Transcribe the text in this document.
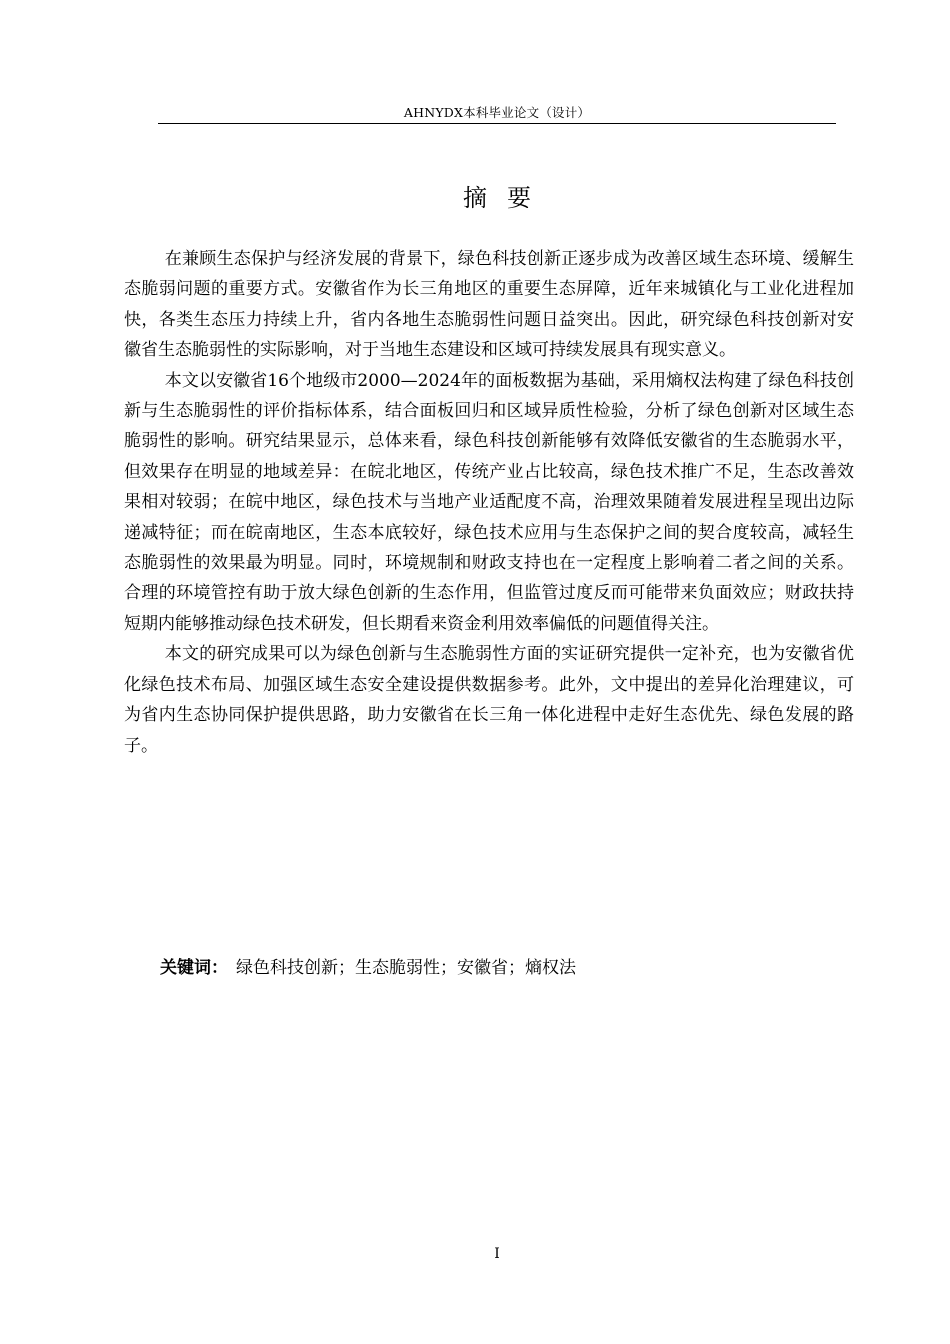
AHNYDX本科毕业论文（设计）
摘要

在兼顾生态保护与经济发展的背景下，绿色科技创新正逐步成为改善区域生态环境、缓解生态脆弱问题的重要方式。安徽省作为长三角地区的重要生态屏障，近年来城镇化与工业化进程加快，各类生态压力持续上升，省内各地生态脆弱性问题日益突出。因此，研究绿色科技创新对安徽省生态脆弱性的实际影响，对于当地生态建设和区域可持续发展具有现实意义。

本文以安徽省16个地级市2000—2024年的面板数据为基础，采用熵权法构建了绿色科技创新与生态脆弱性的评价指标体系，结合面板回归和区域异质性检验，分析了绿色创新对区域生态脆弱性的影响。研究结果显示，总体来看，绿色科技创新能够有效降低安徽省的生态脆弱水平，但效果存在明显的地域差异：在皖北地区，传统产业占比较高，绿色技术推广不足，生态改善效果相对较弱；在皖中地区，绿色技术与当地产业适配度不高，治理效果随着发展进程呈现出边际递减特征；而在皖南地区，生态本底较好，绿色技术应用与生态保护之间的契合度较高，减轻生态脆弱性的效果最为明显。同时，环境规制和财政支持也在一定程度上影响着二者之间的关系。合理的环境管控有助于放大绿色创新的生态作用，但监管过度反而可能带来负面效应；财政扶持短期内能够推动绿色技术研发，但长期看来资金利用效率偏低的问题值得关注。

本文的研究成果可以为绿色创新与生态脆弱性方面的实证研究提供一定补充，也为安徽省优化绿色技术布局、加强区域生态安全建设提供数据参考。此外，文中提出的差异化治理建议，可为省内生态协同保护提供思路，助力安徽省在长三角一体化进程中走好生态优先、绿色发展的路子。

关键词： 绿色科技创新；生态脆弱性；安徽省；熵权法
I
